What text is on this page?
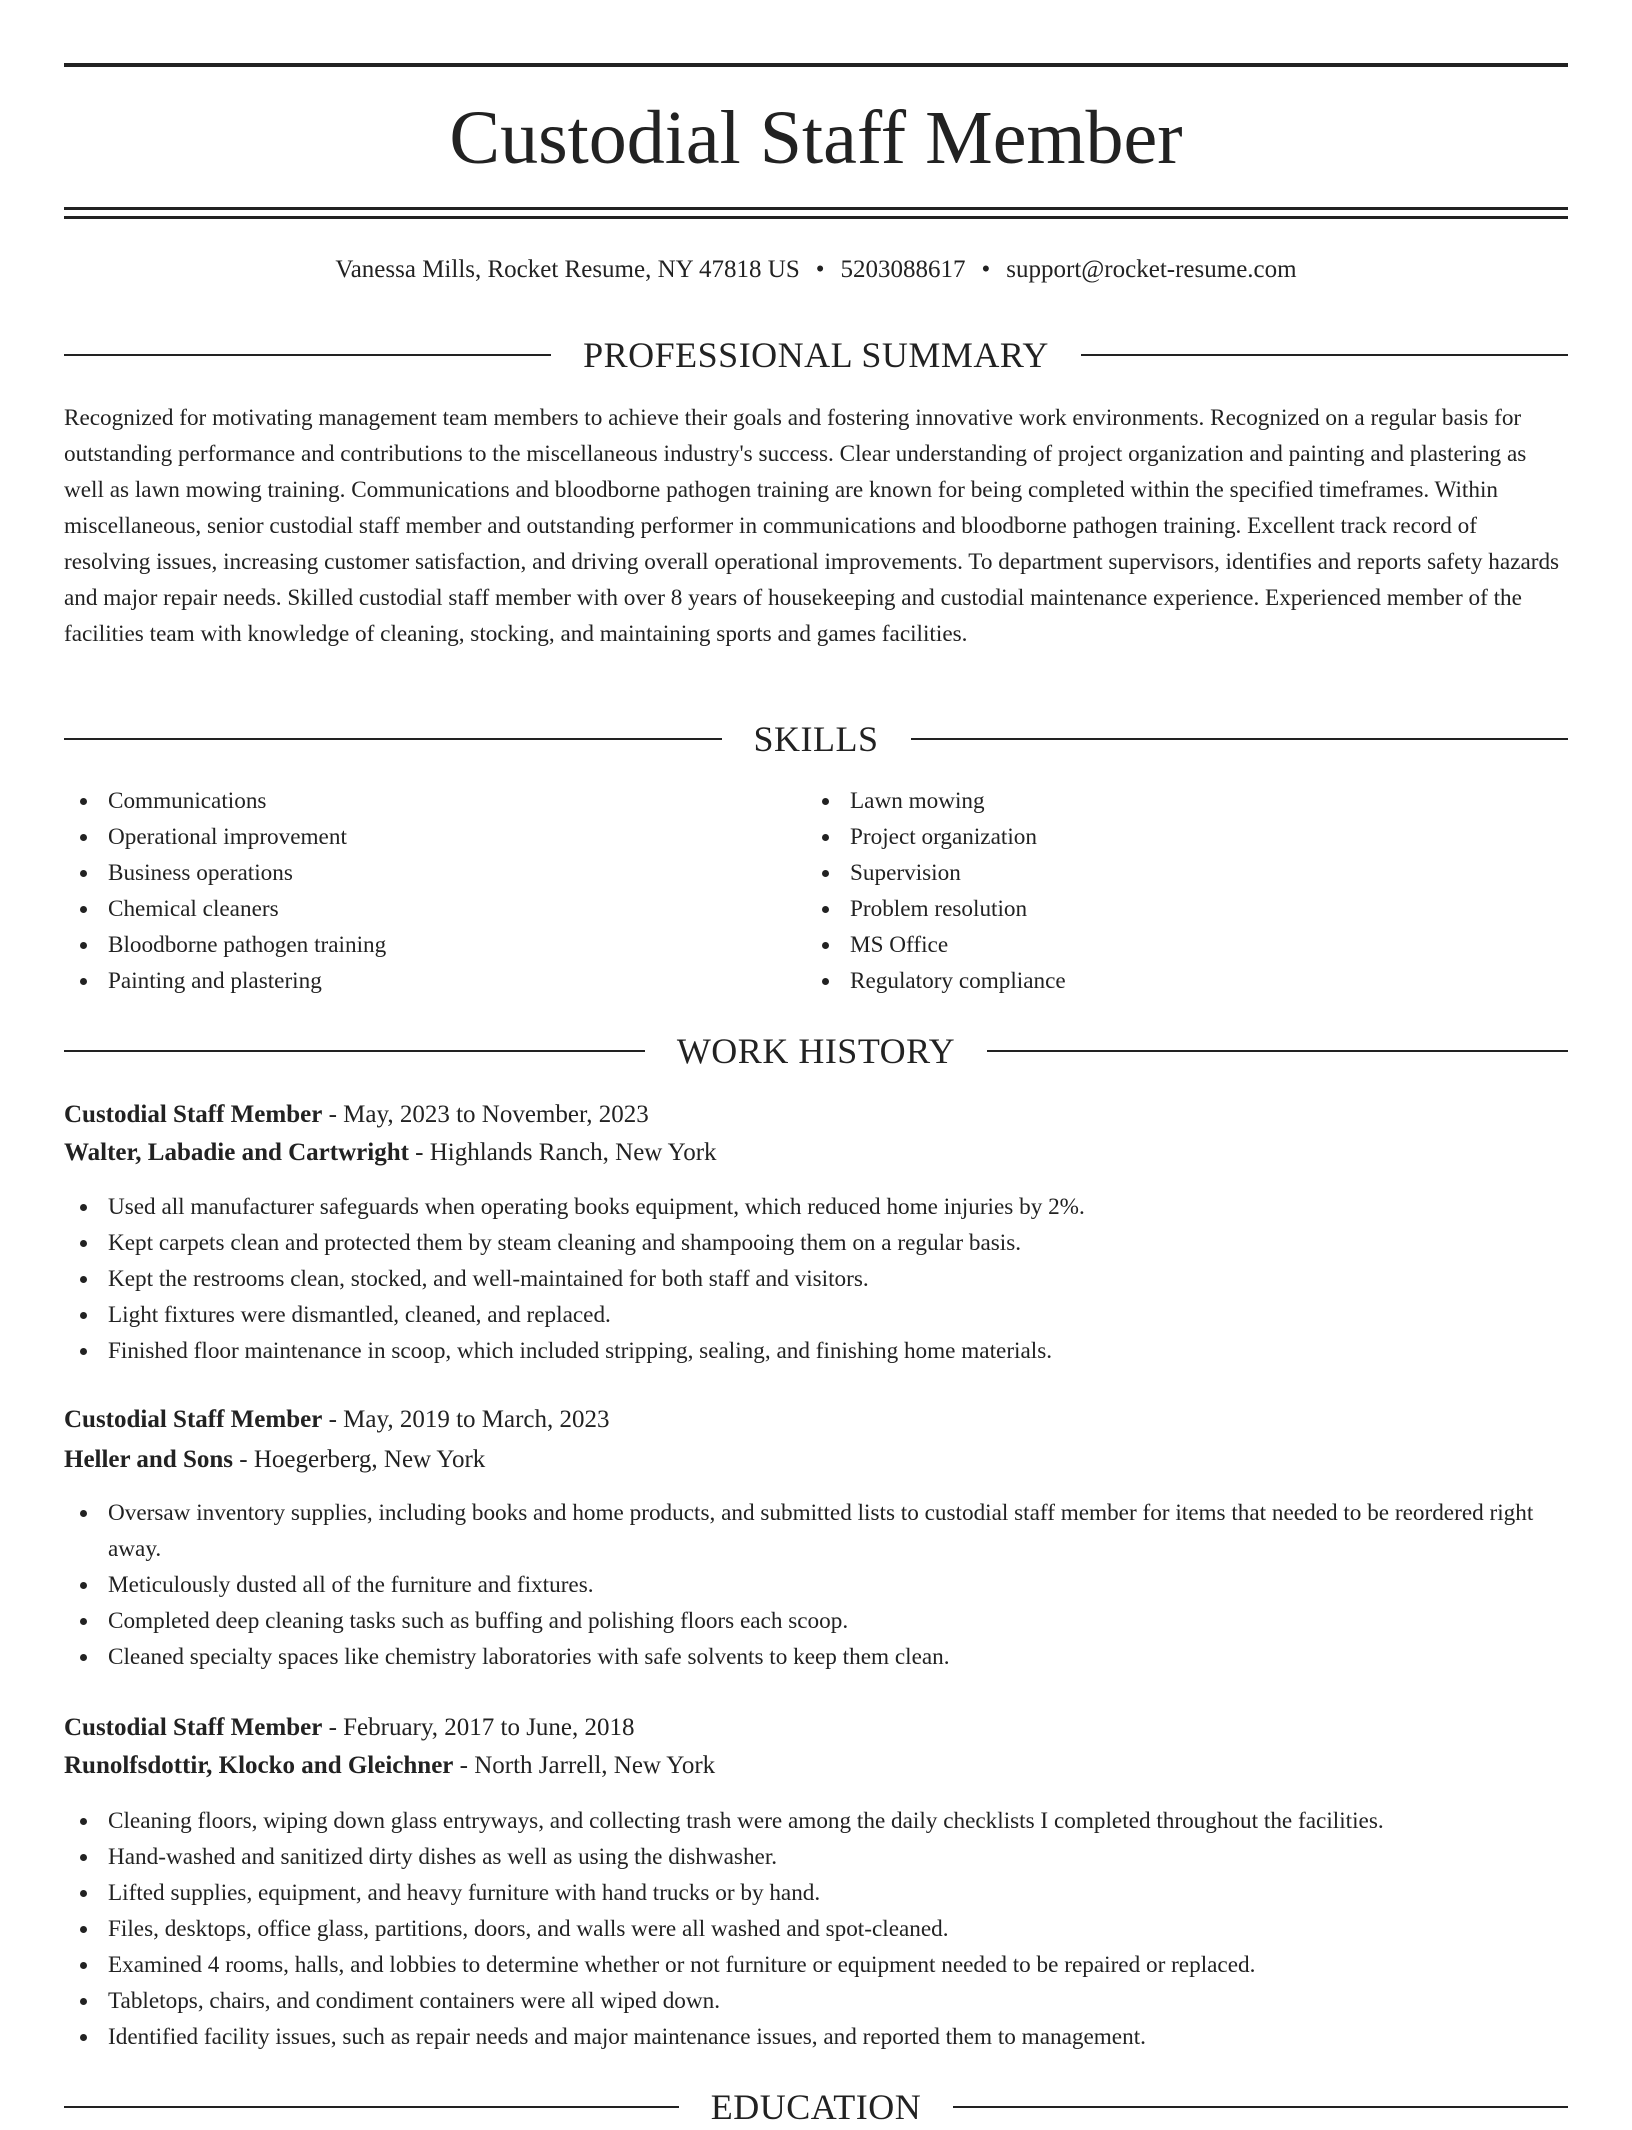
Custodial Staff Member
Vanessa Mills, Rocket Resume, NY 47818 US • 5203088617 • support@rocket-resume.com
PROFESSIONAL SUMMARY

Recognized for motivating management team members to achieve their goals and fostering innovative work environments. Recognized on a regular basis for outstanding performance and contributions to the miscellaneous industry's success. Clear understanding of project organization and painting and plastering as well as lawn mowing training. Communications and bloodborne pathogen training are known for being completed within the specified timeframes. Within miscellaneous, senior custodial staff member and outstanding performer in communications and bloodborne pathogen training. Excellent track record of resolving issues, increasing customer satisfaction, and driving overall operational improvements. To department supervisors, identifies and reports safety hazards and major repair needs. Skilled custodial staff member with over 8 years of housekeeping and custodial maintenance experience. Experienced member of the facilities team with knowledge of cleaning, stocking, and maintaining sports and games facilities.

SKILLS
Communications
Operational improvement
Business operations
Chemical cleaners
Bloodborne pathogen training
Painting and plastering
Lawn mowing
Project organization
Supervision
Problem resolution
MS Office
Regulatory compliance
WORK HISTORY
Custodial Staff Member - May, 2023 to November, 2023
Walter, Labadie and Cartwright - Highlands Ranch, New York
Used all manufacturer safeguards when operating books equipment, which reduced home injuries by 2%.
Kept carpets clean and protected them by steam cleaning and shampooing them on a regular basis.
Kept the restrooms clean, stocked, and well-maintained for both staff and visitors.
Light fixtures were dismantled, cleaned, and replaced.
Finished floor maintenance in scoop, which included stripping, sealing, and finishing home materials.
Custodial Staff Member - May, 2019 to March, 2023
Heller and Sons - Hoegerberg, New York
Oversaw inventory supplies, including books and home products, and submitted lists to custodial staff member for items that needed to be reordered right away.
Meticulously dusted all of the furniture and fixtures.
Completed deep cleaning tasks such as buffing and polishing floors each scoop.
Cleaned specialty spaces like chemistry laboratories with safe solvents to keep them clean.
Custodial Staff Member - February, 2017 to June, 2018
Runolfsdottir, Klocko and Gleichner - North Jarrell, New York
Cleaning floors, wiping down glass entryways, and collecting trash were among the daily checklists I completed throughout the facilities.
Hand-washed and sanitized dirty dishes as well as using the dishwasher.
Lifted supplies, equipment, and heavy furniture with hand trucks or by hand.
Files, desktops, office glass, partitions, doors, and walls were all washed and spot-cleaned.
Examined 4 rooms, halls, and lobbies to determine whether or not furniture or equipment needed to be repaired or replaced.
Tabletops, chairs, and condiment containers were all wiped down.
Identified facility issues, such as repair needs and major maintenance issues, and reported them to management.
EDUCATION
